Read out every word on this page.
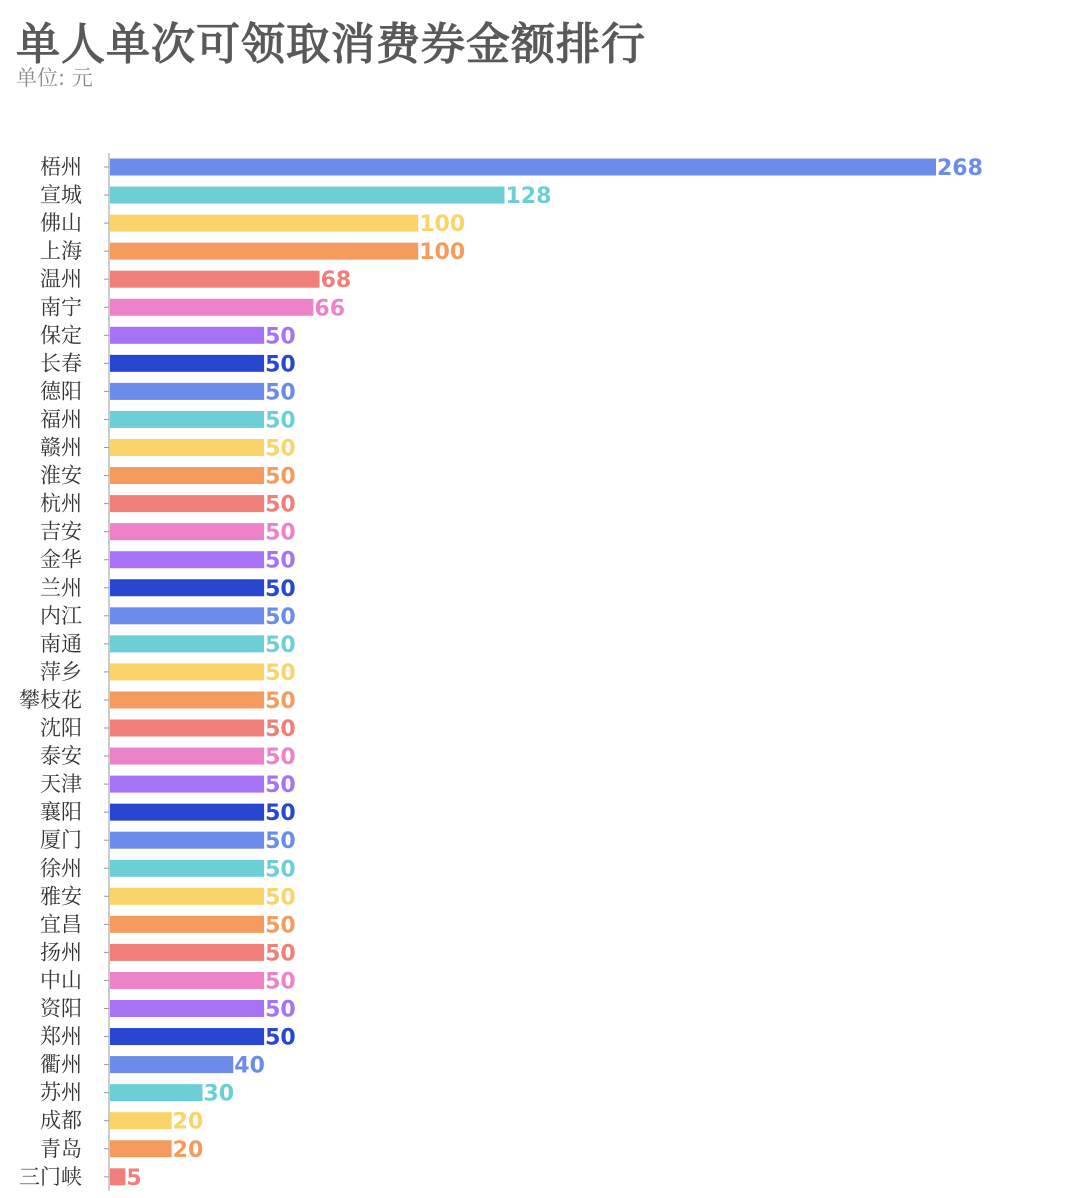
单人单次可领取消费券金额排行
单位: 元
梧州	268
宣城	128
佛山	100
上海	100
温州	68
南宁	66
保定	50
长春	50
德阳	50
福州	50
赣州	50
淮安	50
杭州	50
吉安	50
金华	50
兰州	50
内江	50
南通	50
萍乡	50
攀枝花	50
沈阳	50
泰安	50
天津	50
襄阳	50
厦门	50
徐州	50
雅安	50
宜昌	50
扬州	50
中山	50
资阳	50
郑州	50
衢州	40
苏州	30
成都	20
青岛	20
三门峡 5
